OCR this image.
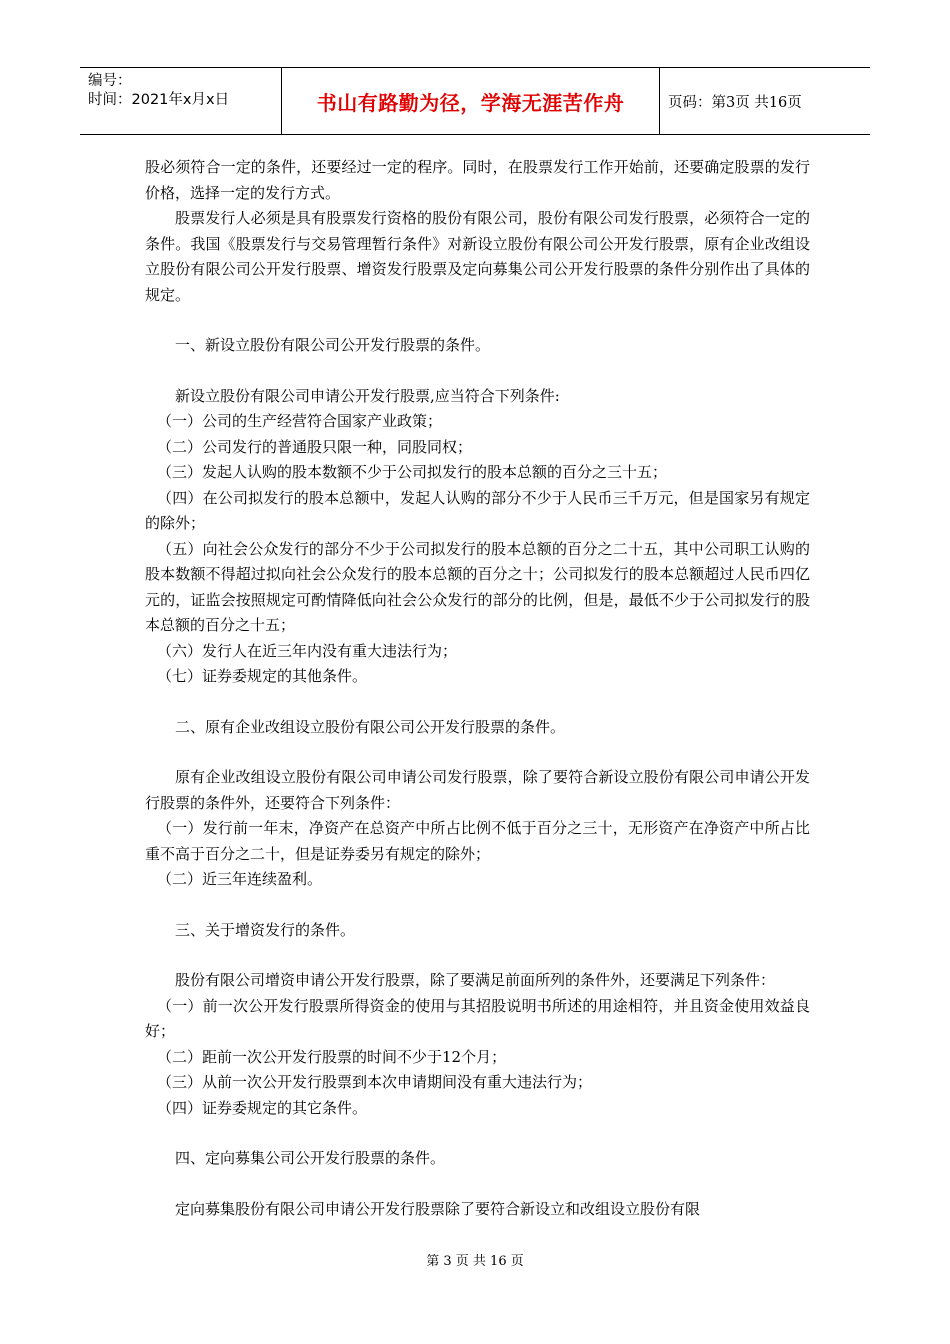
编号：
时间：2021年x月x日	书山有路勤为径，学海无涯苦作舟	页码：第3页 共16页

股必须符合一定的条件，还要经过一定的程序。同时，在股票发行工作开始前，还要确定股票的发行价格，选择一定的发行方式。

股票发行人必须是具有股票发行资格的股份有限公司，股份有限公司发行股票，必须符合一定的条件。我国《股票发行与交易管理暂行条件》对新设立股份有限公司公开发行股票，原有企业改组设立股份有限公司公开发行股票、增资发行股票及定向募集公司公开发行股票的条件分别作出了具体的规定。

一、新设立股份有限公司公开发行股票的条件。

新设立股份有限公司申请公开发行股票,应当符合下列条件:

（一）公司的生产经营符合国家产业政策；

（二）公司发行的普通股只限一种，同股同权；

（三）发起人认购的股本数额不少于公司拟发行的股本总额的百分之三十五；

（四）在公司拟发行的股本总额中，发起人认购的部分不少于人民币三千万元，但是国家另有规定的除外；

（五）向社会公众发行的部分不少于公司拟发行的股本总额的百分之二十五，其中公司职工认购的股本数额不得超过拟向社会公众发行的股本总额的百分之十；公司拟发行的股本总额超过人民币四亿元的，证监会按照规定可酌情降低向社会公众发行的部分的比例，但是，最低不少于公司拟发行的股本总额的百分之十五；

（六）发行人在近三年内没有重大违法行为；

（七）证券委规定的其他条件。

二、原有企业改组设立股份有限公司公开发行股票的条件。

原有企业改组设立股份有限公司申请公司发行股票，除了要符合新设立股份有限公司申请公开发行股票的条件外，还要符合下列条件：

（一）发行前一年末，净资产在总资产中所占比例不低于百分之三十，无形资产在净资产中所占比重不高于百分之二十，但是证券委另有规定的除外；

（二）近三年连续盈利。

三、关于增资发行的条件。

股份有限公司增资申请公开发行股票，除了要满足前面所列的条件外，还要满足下列条件：

（一）前一次公开发行股票所得资金的使用与其招股说明书所述的用途相符，并且资金使用效益良好；

（二）距前一次公开发行股票的时间不少于12个月；

（三）从前一次公开发行股票到本次申请期间没有重大违法行为；

（四）证券委规定的其它条件。

四、定向募集公司公开发行股票的条件。

定向募集股份有限公司申请公开发行股票除了要符合新设立和改组设立股份有限

第 3 页 共 16 页
